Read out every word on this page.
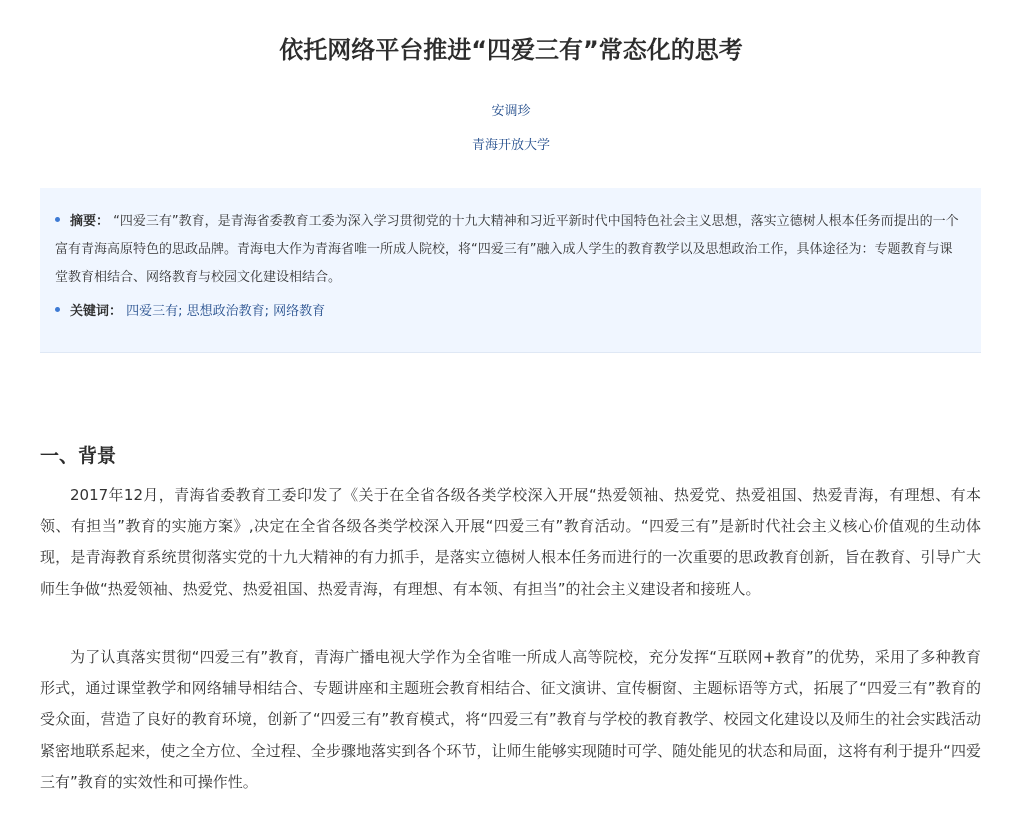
依托网络平台推进“四爱三有”常态化的思考
安调珍
青海开放大学
摘要： “四爱三有”教育，是青海省委教育工委为深入学习贯彻党的十九大精神和习近平新时代中国特色社会主义思想，落实立德树人根本任务而提出的一个富有青海高原特色的思政品牌。青海电大作为青海省唯一所成人院校，将“四爱三有”融入成人学生的教育教学以及思想政治工作，具体途径为：专题教育与课堂教育相结合、网络教育与校园文化建设相结合。
关键词： 四爱三有; 思想政治教育; 网络教育
一、背景

2017年12月，青海省委教育工委印发了《关于在全省各级各类学校深入开展“热爱领袖、热爱党、热爱祖国、热爱青海，有理想、有本领、有担当”教育的实施方案》,决定在全省各级各类学校深入开展“四爱三有”教育活动。“四爱三有”是新时代社会主义核心价值观的生动体现，是青海教育系统贯彻落实党的十九大精神的有力抓手，是落实立德树人根本任务而进行的一次重要的思政教育创新，旨在教育、引导广大师生争做“热爱领袖、热爱党、热爱祖国、热爱青海，有理想、有本领、有担当”的社会主义建设者和接班人。

为了认真落实贯彻“四爱三有”教育，青海广播电视大学作为全省唯一所成人高等院校，充分发挥“互联网+教育”的优势，采用了多种教育形式，通过课堂教学和网络辅导相结合、专题讲座和主题班会教育相结合、征文演讲、宣传橱窗、主题标语等方式，拓展了“四爱三有”教育的受众面，营造了良好的教育环境，创新了“四爱三有”教育模式，将“四爱三有”教育与学校的教育教学、校园文化建设以及师生的社会实践活动紧密地联系起来，使之全方位、全过程、全步骤地落实到各个环节，让师生能够实现随时可学、随处能见的状态和局面，这将有利于提升“四爱三有”教育的实效性和可操作性。
